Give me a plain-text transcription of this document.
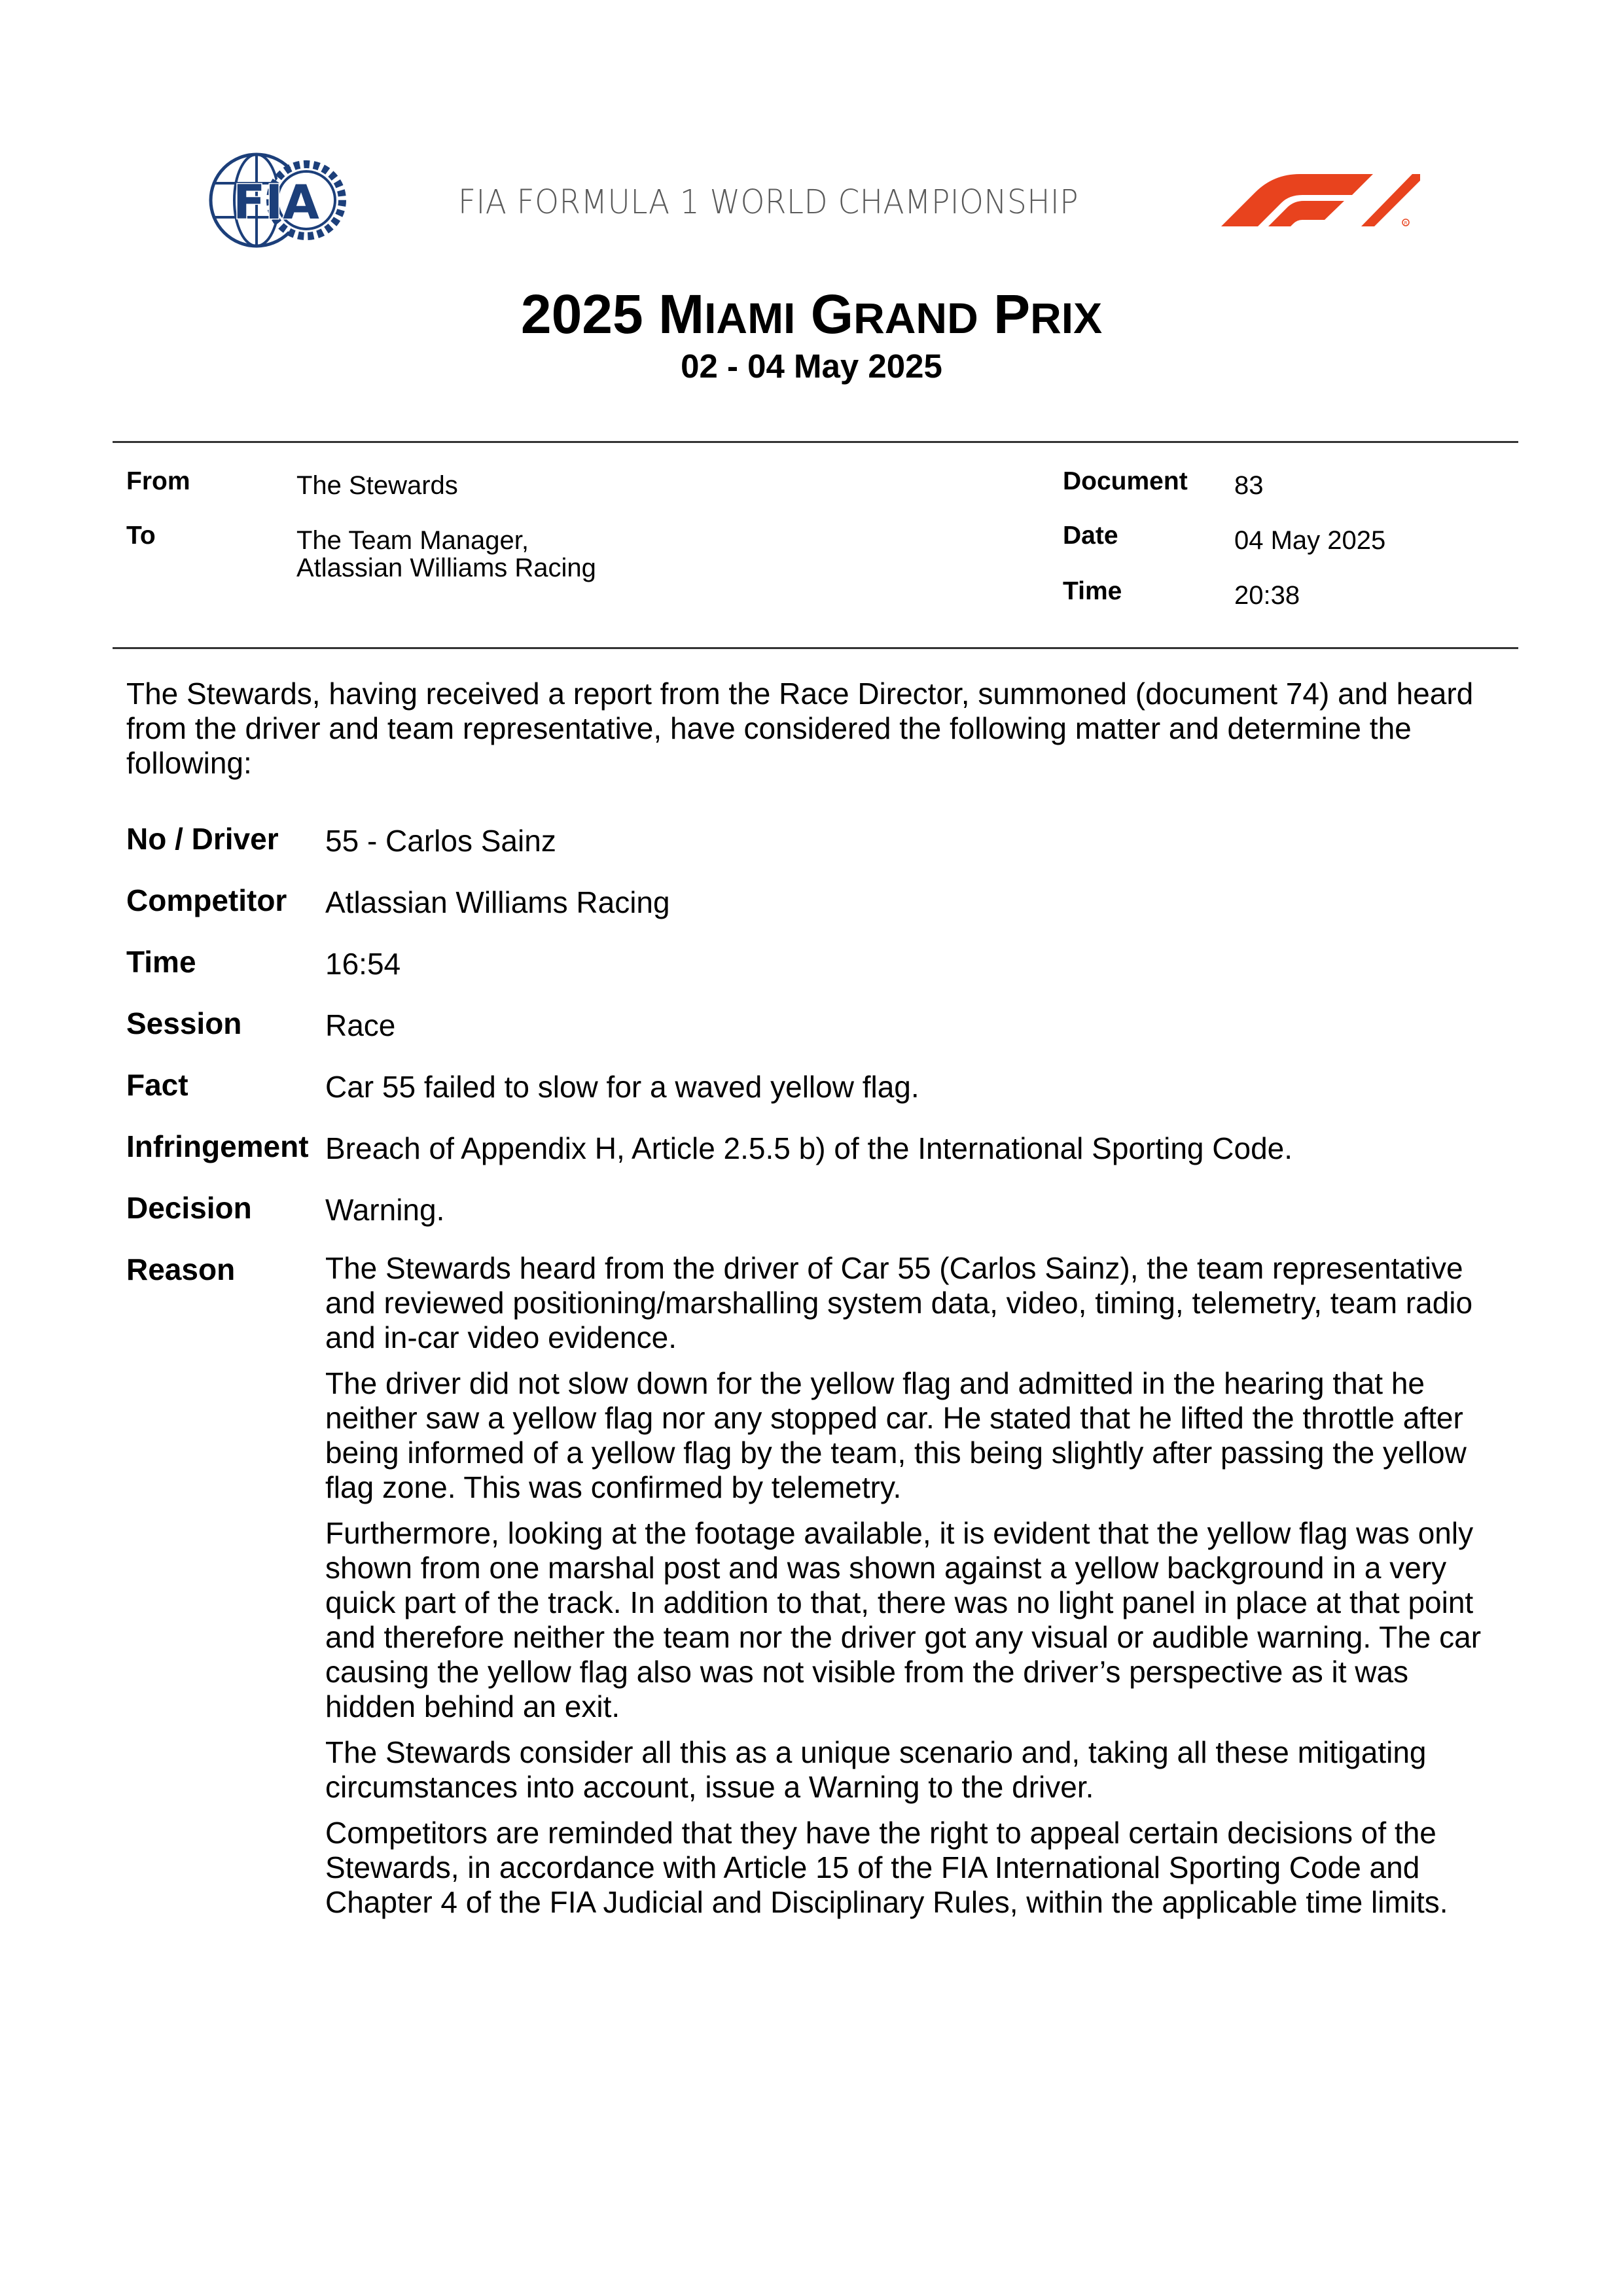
FIA	FIA FORMULA 1 WORLD CHAMPIONSHIP
R
2025 MIAMI GRAND PRIX
02 - 04 May 2025
From	The Stewards
To	The Team Manager,
Atlassian Williams Racing
Document 83
Date	04 May 2025
Time	20:38
The Stewards, having received a report from the Race Director, summoned (document 74) and heard from the driver and team representative, have considered the following matter and determine the following:
No / Driver 55 - Carlos Sainz
Competitor Atlassian Williams Racing
Time	16:54
Session	Race
Fact	Car 55 failed to slow for a waved yellow flag.
Infringement Breach of Appendix H, Article 2.5.5 b) of the International Sporting Code.
Decision Warning.
Reason	The Stewards heard from the driver of Car 55 (Carlos Sainz), the team representative and reviewed positioning/marshalling system data, video, timing, telemetry, team radio and in-car video evidence.

The driver did not slow down for the yellow flag and admitted in the hearing that he neither saw a yellow flag nor any stopped car. He stated that he lifted the throttle after being informed of a yellow flag by the team, this being slightly after passing the yellow flag zone. This was confirmed by telemetry.

Furthermore, looking at the footage available, it is evident that the yellow flag was only shown from one marshal post and was shown against a yellow background in a very quick part of the track. In addition to that, there was no light panel in place at that point and therefore neither the team nor the driver got any visual or audible warning. The car causing the yellow flag also was not visible from the driver’s perspective as it was hidden behind an exit.

The Stewards consider all this as a unique scenario and, taking all these mitigating circumstances into account, issue a Warning to the driver.

Competitors are reminded that they have the right to appeal certain decisions of the Stewards, in accordance with Article 15 of the FIA International Sporting Code and Chapter 4 of the FIA Judicial and Disciplinary Rules, within the applicable time limits.
